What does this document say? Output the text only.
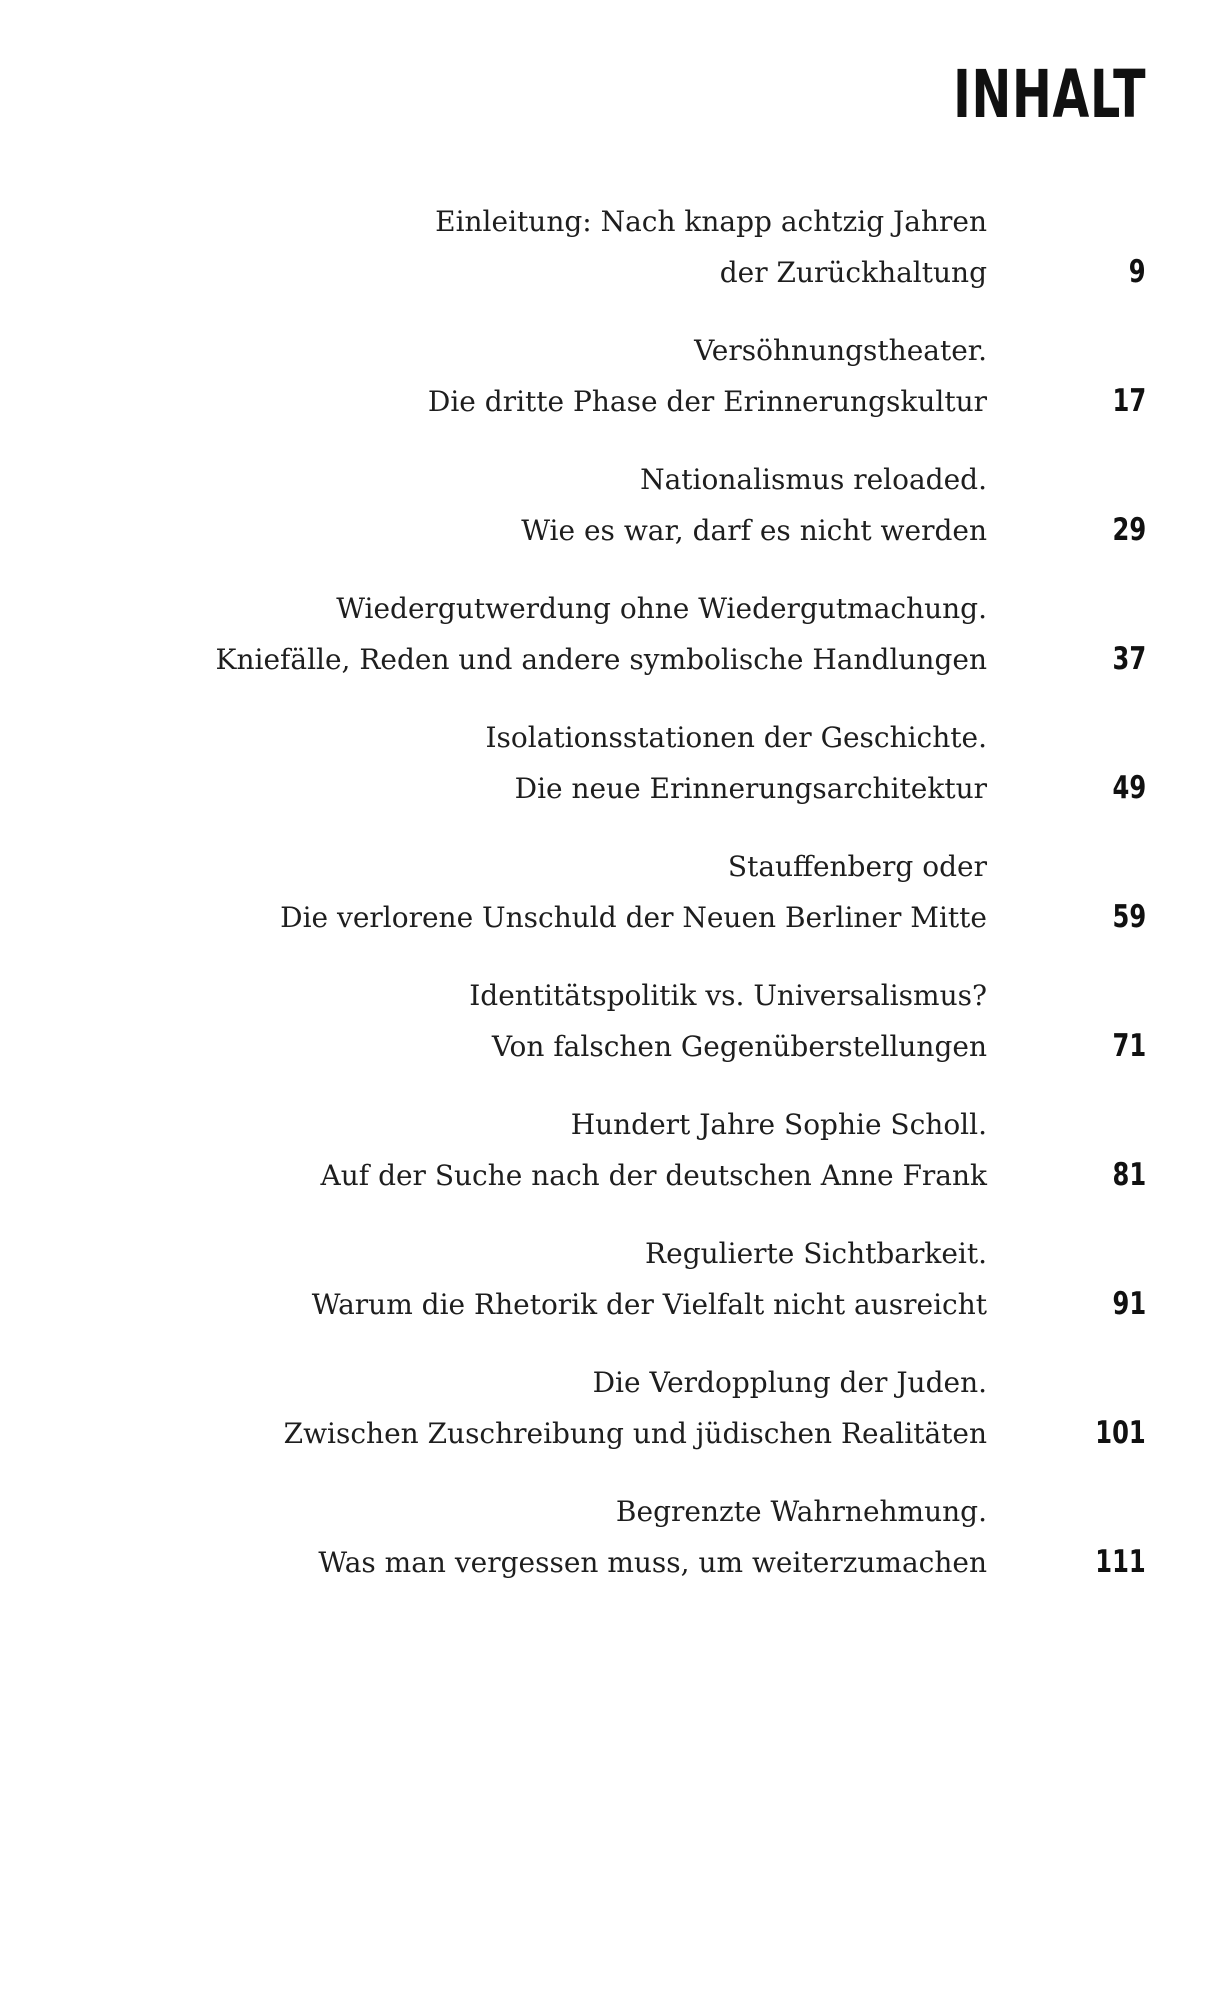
INHALT
Einleitung: Nach knapp achtzig Jahren
der Zurückhaltung	9
Versöhnungstheater.
Die dritte Phase der Erinnerungskultur	17
Nationalismus reloaded.
Wie es war, darf es nicht werden	29
Wiedergutwerdung ohne Wiedergutmachung.
Kniefälle, Reden und andere symbolische Handlungen	37
Isolationsstationen der Geschichte.
Die neue Erinnerungsarchitektur	49
Stauffenberg oder
Die verlorene Unschuld der Neuen Berliner Mitte	59
Identitätspolitik vs. Universalismus?
Von falschen Gegenüberstellungen	71
Hundert Jahre Sophie Scholl.
Auf der Suche nach der deutschen Anne Frank	81
Regulierte Sichtbarkeit.
Warum die Rhetorik der Vielfalt nicht ausreicht	91
Die Verdopplung der Juden.
Zwischen Zuschreibung und jüdischen Realitäten	101
Begrenzte Wahrnehmung.
Was man vergessen muss, um weiterzumachen	111
